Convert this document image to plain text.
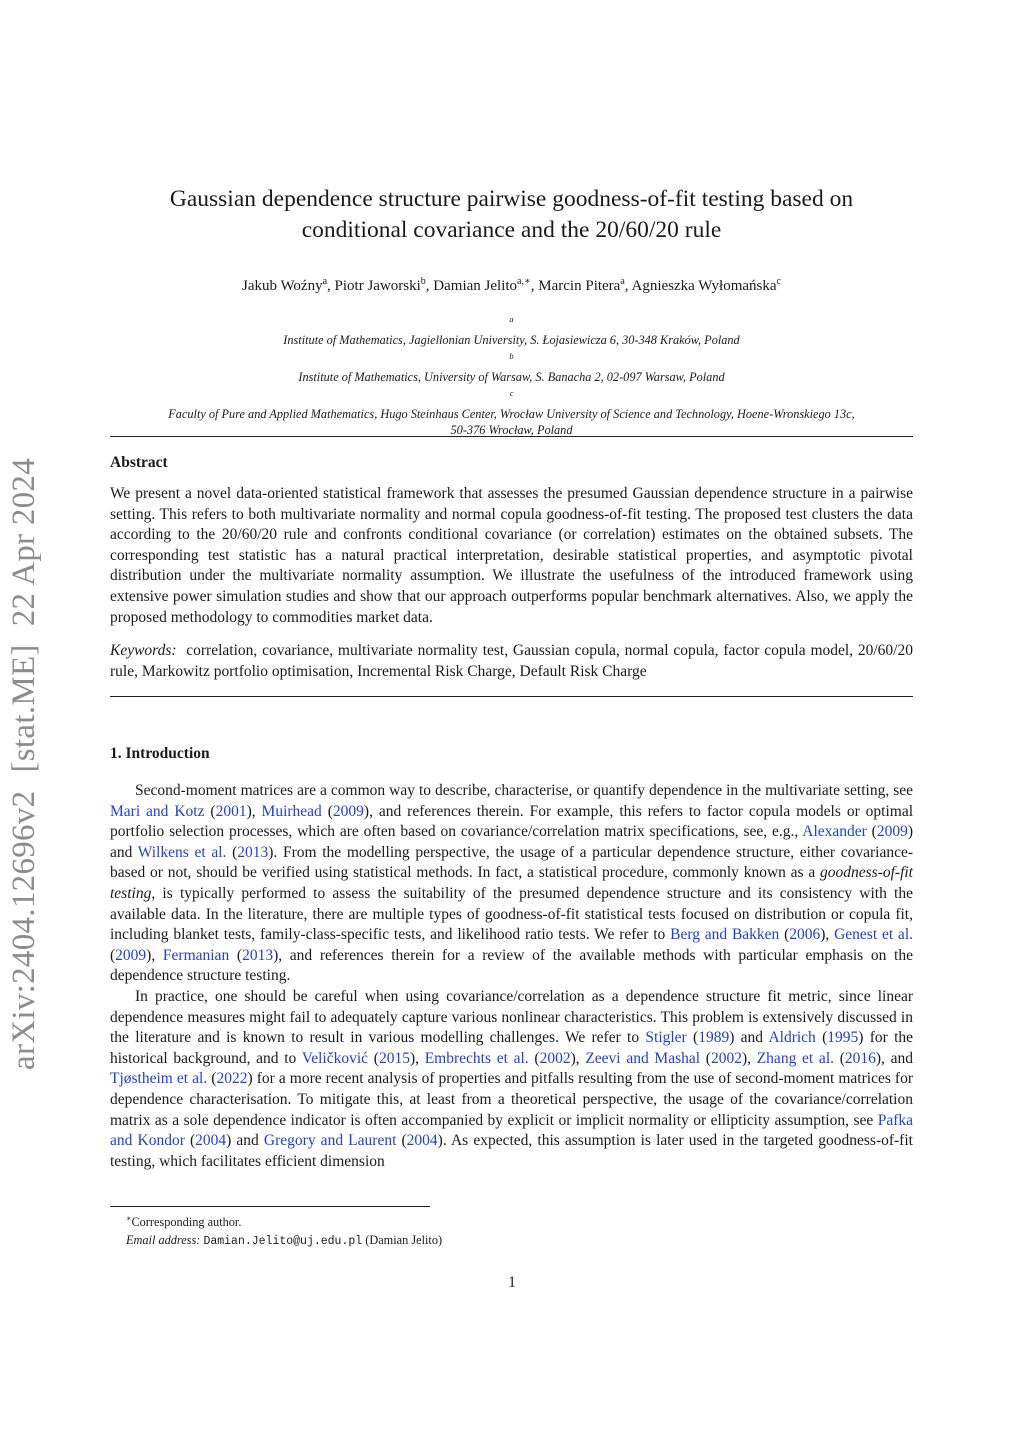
arXiv:2404.12696v2[stat.ME]22 Apr 2024
Gaussian dependence structure pairwise goodness-of-fit testing based on
conditional covariance and the 20/60/20 rule
Jakub Woźny$^a$, Piotr Jaworski$^b$, Damian Jelito$^{a,∗}$, Marcin Pitera$^a$, Agnieszka Wyłomańska$^c$
$^a$
Institute of Mathematics, Jagiellonian University, S. Łojasiewicza 6, 30-348 Kraków, Poland
$^b$
Institute of Mathematics, University of Warsaw, S. Banacha 2, 02-097 Warsaw, Poland
$^c$
Faculty of Pure and Applied Mathematics, Hugo Steinhaus Center, Wrocław University of Science and Technology, Hoene-Wronskiego 13c,
50-376 Wrocław, Poland
Abstract
We present a novel data-oriented statistical framework that assesses the presumed Gaussian dependence structure in a pairwise setting. This refers to both multivariate normality and normal copula goodness-of-fit testing. The proposed test clusters the data according to the 20/60/20 rule and confronts conditional covariance (or correlation) estimates on the obtained subsets. The corresponding test statistic has a natural practical interpretation, desirable statistical properties, and asymptotic pivotal distribution under the multivariate normality assumption. We illustrate the usefulness of the introduced framework using extensive power simulation studies and show that our approach outperforms popular benchmark alternatives. Also, we apply the proposed methodology to commodities market data.
Keywords: correlation, covariance, multivariate normality test, Gaussian copula, normal copula, factor copula model, 20/60/20 rule, Markowitz portfolio optimisation, Incremental Risk Charge, Default Risk Charge
1. Introduction
Second-moment matrices are a common way to describe, characterise, or quantify dependence in the multivariate setting, see Mari and Kotz (2001), Muirhead (2009), and references therein. For example, this refers to factor copula models or optimal portfolio selection processes, which are often based on covariance/correlation matrix specifications, see, e.g., Alexander (2009) and Wilkens et al. (2013). From the modelling perspective, the usage of a particular dependence structure, either covariance-based or not, should be verified using statistical methods. In fact, a statistical procedure, commonly known as a goodness-of-fit testing, is typically performed to assess the suitability of the presumed dependence structure and its consistency with the available data. In the literature, there are multiple types of goodness-of-fit statistical tests focused on distribution or copula fit, including blanket tests, family-class-specific tests, and likelihood ratio tests. We refer to Berg and Bakken (2006), Genest et al. (2009), Fermanian (2013), and references therein for a review of the available methods with particular emphasis on the dependence structure testing.
In practice, one should be careful when using covariance/correlation as a dependence structure fit metric, since linear dependence measures might fail to adequately capture various nonlinear characteristics. This problem is extensively discussed in the literature and is known to result in various modelling challenges. We refer to Stigler (1989) and Aldrich (1995) for the historical background, and to Veličković (2015), Embrechts et al. (2002), Zeevi and Mashal (2002), Zhang et al. (2016), and Tjøstheim et al. (2022) for a more recent analysis of properties and pitfalls resulting from the use of second-moment matrices for dependence characterisation. To mitigate this, at least from a theoretical perspective, the usage of the covariance/correlation matrix as a sole dependence indicator is often accompanied by explicit or implicit normality or ellipticity assumption, see Pafka and Kondor (2004) and Gregory and Laurent (2004). As expected, this assumption is later used in the targeted goodness-of-fit testing, which facilitates efficient dimension
∗Corresponding author.
Email address: Damian.Jelito@uj.edu.pl (Damian Jelito)
1
